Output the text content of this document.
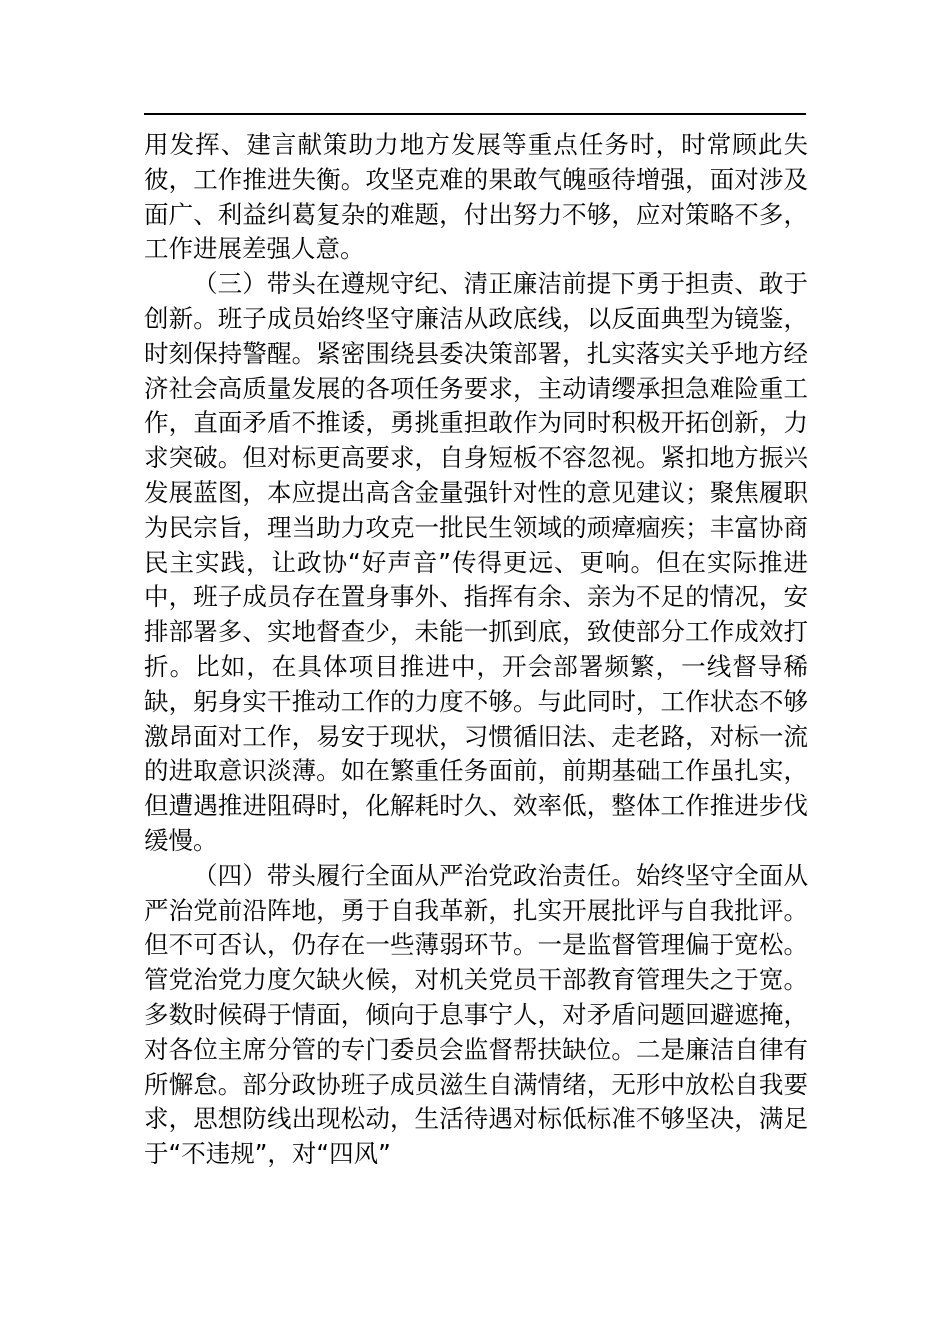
用发挥、建言献策助力地方发展等重点任务时，时常顾此失彼，工作推进失衡。攻坚克难的果敢气魄亟待增强，面对涉及面广、利益纠葛复杂的难题，付出努力不够，应对策略不多，工作进展差强人意。

（三）带头在遵规守纪、清正廉洁前提下勇于担责、敢于创新。班子成员始终坚守廉洁从政底线，以反面典型为镜鉴，时刻保持警醒。紧密围绕县委决策部署，扎实落实关乎地方经济社会高质量发展的各项任务要求，主动请缨承担急难险重工作，直面矛盾不推诿，勇挑重担敢作为同时积极开拓创新，力求突破。但对标更高要求，自身短板不容忽视。紧扣地方振兴发展蓝图，本应提出高含金量强针对性的意见建议；聚焦履职为民宗旨，理当助力攻克一批民生领域的顽瘴痼疾；丰富协商民主实践，让政协“好声音”传得更远、更响。但在实际推进中，班子成员存在置身事外、指挥有余、亲为不足的情况，安排部署多、实地督查少，未能一抓到底，致使部分工作成效打折。比如，在具体项目推进中，开会部署频繁，一线督导稀缺，躬身实干推动工作的力度不够。与此同时，工作状态不够激昂面对工作，易安于现状，习惯循旧法、走老路，对标一流的进取意识淡薄。如在繁重任务面前，前期基础工作虽扎实，但遭遇推进阻碍时，化解耗时久、效率低，整体工作推进步伐缓慢。

（四）带头履行全面从严治党政治责任。始终坚守全面从严治党前沿阵地，勇于自我革新，扎实开展批评与自我批评。但不可否认，仍存在一些薄弱环节。一是监督管理偏于宽松。管党治党力度欠缺火候，对机关党员干部教育管理失之于宽。多数时候碍于情面，倾向于息事宁人，对矛盾问题回避遮掩，对各位主席分管的专门委员会监督帮扶缺位。二是廉洁自律有所懈怠。部分政协班子成员滋生自满情绪，无形中放松自我要求，思想防线出现松动，生活待遇对标低标准不够坚决，满足于“不违规”，对“四风”
